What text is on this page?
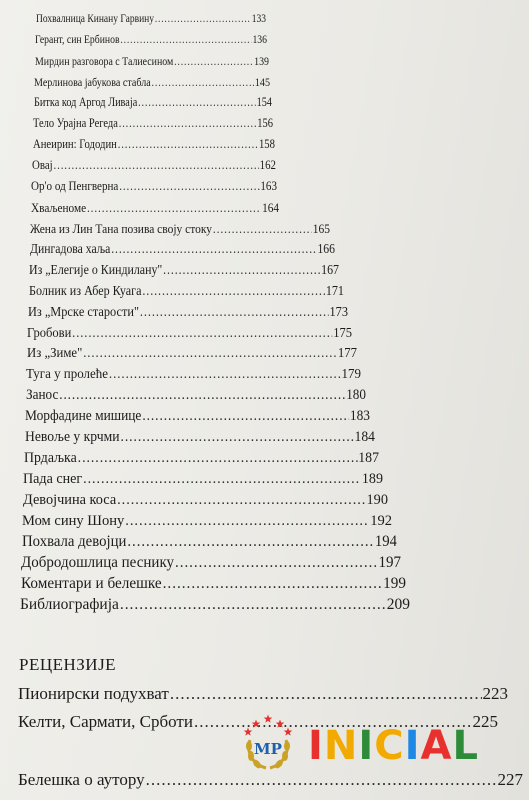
Похвалница Кинану Гарвину .....	133
Герант, син Ербинов .....	136
Мирдин разговора с Талиесином .....	139
Мерлинова јабукова стабла .....	145
Битка код Аргод Ливаја .....	154
Тело Урајна Регеда .....	156
Анеирин: Гододин .....	158
Овај .....	162
Ор'о од Пенгверна .....	163
Хваљеноме .....	164
Жена из Лин Тана позива своју стоку .....	165
Дингадова хаља .....	166
Из „Елегије о Киндилану" .....	167
Болник из Абер Куага .....	171
Из „Мрскe старости" .....	173
Гробови .....	175
Из „Зиме" .....	177
Туга у пролеће .....	179
Занос .....	180
Морфадине мишице .....	183
Невоље у крчми .....	184
Прдаљка .....	187
Пада снег .....	189
Девојчина коса .....	190
Мом сину Шону .....	192
Похвала девојци .....	194
Добродошлица песнику .....	197
Коментари и белешке .....	199
Библиографија .....	209
Пионирски подухват .....	223
Келти, Сармати, Срботи .....	225
Белешка о аутору .....	227
РЕЦЕНЗИЈЕ
MP INICIAL
